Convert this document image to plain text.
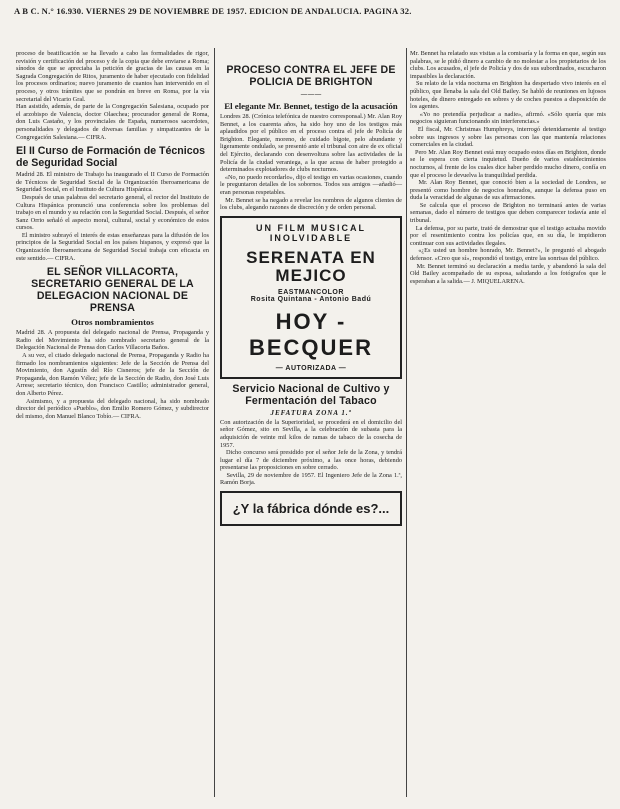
A B C. N.° 16.930. VIERNES 29 DE NOVIEMBRE DE 1957. EDICION DE ANDALUCIA. PAGINA 32.

proceso de beatificación se ha llevado a cabo las formalidades de rigor, revisión y certificación del proceso y de la copia que debe enviarse a Roma; sínodos de que se apreciaba la petición de gracias de las causas en la Sagrada Congregación de Ritos, juramento de haber ejecutado con fidelidad los procesos ordinarios; nuevo juramento de cuantos han intervenido en el proceso, y otros trámites que se pondrán en breve en Roma, por la vía secretarial del Vicario Gral.

Han asistido, además, de parte de la Congregación Salesiana, ocupado por el arzobispo de Valencia, doctor Olaechea; procurador general de Roma, don Luis Castaño, y los provinciales de España, numerosos sacerdotes, personalidades y delegados de diversas familias y simpatizantes de la Congregación Salesiana.— CIFRA.

El II Curso de Formación de Técnicos de Seguridad Social

Madrid 28. El ministro de Trabajo ha inaugurado el II Curso de Formación de Técnicos de Seguridad Social de la Organización Iberoamericana de Seguridad Social, en el Instituto de Cultura Hispánica.
Después de unas palabras del secretario general, el rector del Instituto de Cultura Hispánica pronunció una conferencia sobre los problemas del trabajo en el mundo y su relación con la Seguridad Social. Después, el señor Sanz Orrio señaló el aspecto moral, cultural, social y económico de estos cursos.
El ministro subrayó el interés de estas enseñanzas para la difusión de los principios de la Seguridad Social en los países hispanos, y expresó que la Organización Iberoamericana de Seguridad Social trabaja con eficacia en este sentido.— CIFRA.

EL SEÑOR VILLACORTA, SECRETARIO GENERAL DE LA DELEGACION NACIONAL DE PRENSA
Otros nombramientos

Madrid 28. A propuesta del delegado nacional de Prensa, Propaganda y Radio del Movimiento ha sido nombrado secretario general de la Delegación Nacional de Prensa don Carlos Villacorta Baños.
A su vez, el citado delegado nacional de Prensa, Propaganda y Radio ha firmado los nombramientos siguientes: Jefe de la Sección de Prensa del Movimiento, don Agustín del Río Cisneros; jefe de la Sección de Propaganda, don Ramón Vélez; jefe de la Sección de Radio, don José Luis Arrese; secretario técnico, don Francisco Castillo; administrador general, don Alberto Pérez.
Asimismo, y a propuesta del delegado nacional, ha sido nombrado director del periódico «Pueblo», don Emilio Romero Gómez, y subdirector del mismo, don Manuel Blanco Tobío.— CIFRA.

PROCESO CONTRA EL JEFE DE POLICIA DE BRIGHTON
———
El elegante Mr. Bennet, testigo de la acusación

Londres 28. (Crónica telefónica de nuestro corresponsal.) Mr. Alan Roy Bennet, a los cuarenta años, ha sido hoy uno de los testigos más aplaudidos por el público en el proceso contra el jefe de Policía de Brighton. Elegante, moreno, de cuidado bigote, pelo abundante y ligeramente ondulado, se presentó ante el tribunal con aire de ex oficial del Ejército, declarando con desenvoltura sobre las actividades de la Policía de la ciudad veraniega, a la que acusa de haber protegido a determinados explotadores de clubs nocturnos.
«No, no puedo recordarlo», dijo el testigo en varias ocasiones, cuando le preguntaron detalles de los sobornos. Todos sus amigos —añadió— eran personas respetables.
Mr. Bennet se ha negado a revelar los nombres de algunos clientes de los clubs, alegando razones de discreción y de orden personal.

UN FILM MUSICAL
INOLVIDABLE
SERENATA EN MEJICO
EASTMANCOLOR
Rosita Quintana - Antonio Badú
HOY - BECQUER
— AUTORIZADA —
Servicio Nacional de Cultivo y Fermentación del Tabaco
JEFATURA ZONA 1.ª

Con autorización de la Superioridad, se procederá en el domicilio del señor Gómez, sito en Sevilla, a la celebración de subasta para la adquisición de veinte mil kilos de ramas de tabaco de la cosecha de 1957.
Dicho concurso será presidido por el señor Jefe de la Zona, y tendrá lugar el día 7 de diciembre próximo, a las once horas, debiendo presentarse las proposiciones en sobre cerrado.
Sevilla, 29 de noviembre de 1957. El Ingeniero Jefe de la Zona 1.ª, Ramón Borja.

¿Y la fábrica dónde es?...

Mr. Bennet ha relatado sus visitas a la comisaría y la forma en que, según sus palabras, se le pidió dinero a cambio de no molestar a los propietarios de los clubs. Los acusados, el jefe de Policía y dos de sus subordinados, escucharon impasibles la declaración.
Su relato de la vida nocturna en Brighton ha despertado vivo interés en el público, que llenaba la sala del Old Bailey. Se habló de reuniones en lujosos hoteles, de dinero entregado en sobres y de coches puestos a disposición de los agentes.
«Yo no pretendía perjudicar a nadie», afirmó. «Sólo quería que mis negocios siguieran funcionando sin interferencias.»
El fiscal, Mr. Christmas Humphreys, interrogó detenidamente al testigo sobre sus ingresos y sobre las personas con las que mantenía relaciones comerciales en la ciudad.
Pero Mr. Alan Roy Bennet está muy ocupado estos días en Brighton, donde se le espera con cierta inquietud. Dueño de varios establecimientos nocturnos, al frente de los cuales dice haber perdido mucho dinero, confía en que el proceso le devuelva la tranquilidad perdida.
Mr. Alan Roy Bennet, que conoció bien a la sociedad de Londres, se presentó como hombre de negocios honrados, aunque la defensa puso en duda la veracidad de algunas de sus afirmaciones.
Se calcula que el proceso de Brighton no terminará antes de varias semanas, dado el número de testigos que deben comparecer todavía ante el tribunal.
La defensa, por su parte, trató de demostrar que el testigo actuaba movido por el resentimiento contra los policías que, en su día, le impidieron continuar con sus actividades ilegales.
«¿Es usted un hombre honrado, Mr. Bennet?», le preguntó el abogado defensor. «Creo que sí», respondió el testigo, entre las sonrisas del público.
Mr. Bennet terminó su declaración a media tarde, y abandonó la sala del Old Bailey acompañado de su esposa, saludando a los fotógrafos que le esperaban a la salida.— J. MIQUELARENA.
